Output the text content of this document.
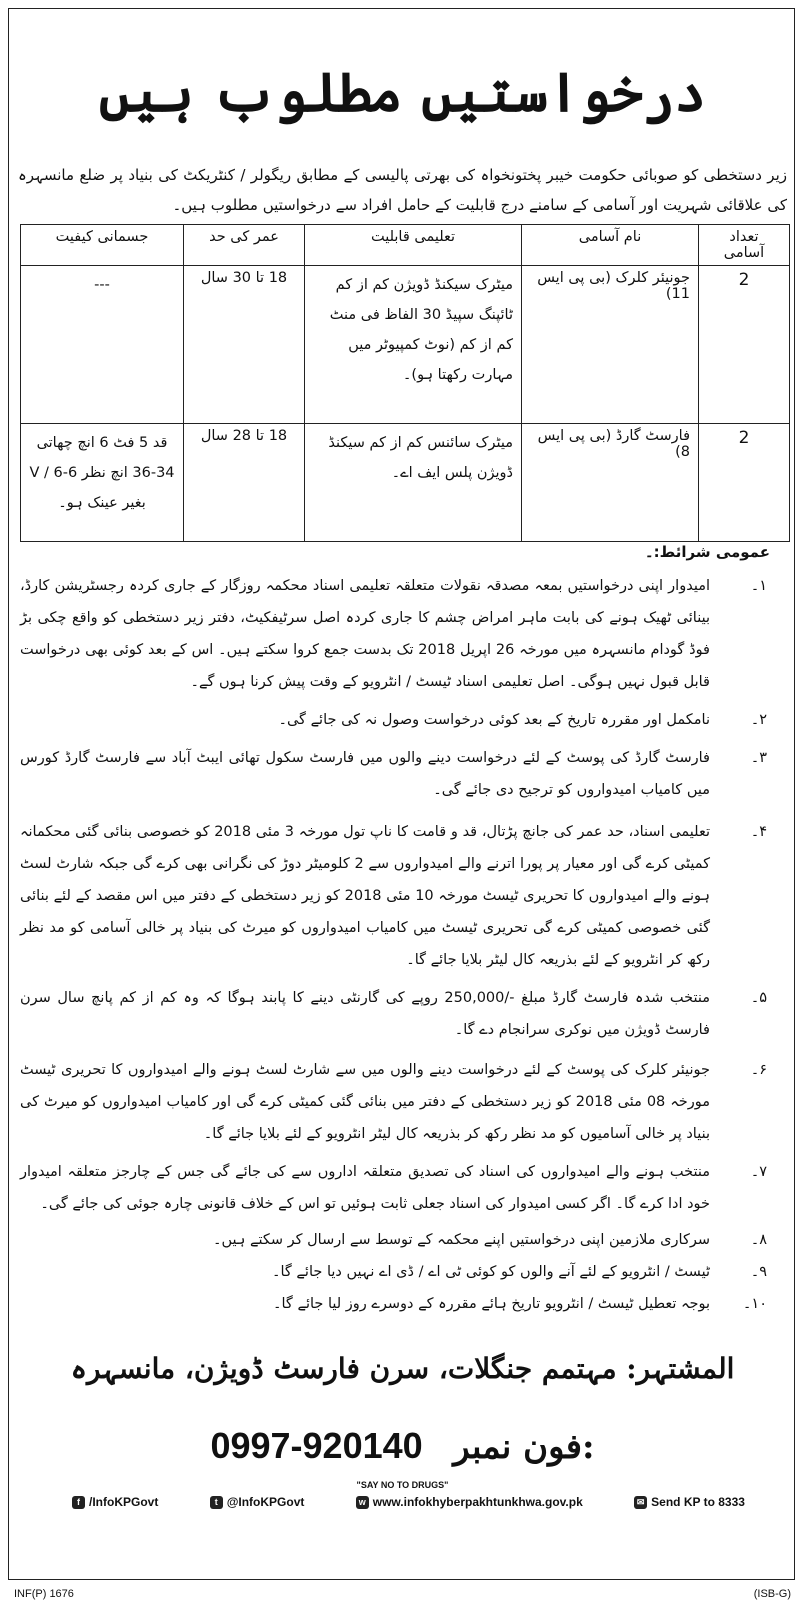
درخواستیں مطلوب ہیں
زیر دستخطی کو صوبائی حکومت خیبر پختونخواہ کی بھرتی پالیسی کے مطابق ریگولر / کنٹریکٹ کی بنیاد پر ضلع مانسہرہ کی علاقائی شہریت اور آسامی کے سامنے درج قابلیت کے حامل افراد سے درخواستیں مطلوب ہیں۔
تعداد آسامی	نام آسامی	تعلیمی قابلیت	عمر کی حد	جسمانی کیفیت
2	جونیئر کلرک (بی پی ایس 11)	میٹرک سیکنڈ ڈویژن کم از کم ٹائپنگ سپیڈ 30 الفاظ فی منٹ کم از کم (نوٹ کمپیوٹر میں مہارت رکھتا ہو)۔	18 تا 30 سال	---
2	فارسٹ گارڈ (بی پی ایس 8)	میٹرک سائنس کم از کم سیکنڈ ڈویژن پلس ایف اے۔	18 تا 28 سال	قد 5 فٹ 6 انچ چھاتی 34-36 انچ نظر 6-6 / V بغیر عینک ہو۔
عمومی شرائط:۔
۱۔
امیدوار اپنی درخواستیں بمعہ مصدقہ نقولات متعلقہ تعلیمی اسناد محکمہ روزگار کے جاری کردہ رجسٹریشن کارڈ، بینائی ٹھیک ہونے کی بابت ماہر امراض چشم کا جاری کردہ اصل سرٹیفکیٹ، دفتر زیر دستخطی کو واقع چکی بڑ فوڈ گودام مانسہرہ میں مورخہ 26 اپریل 2018 تک بدست جمع کروا سکتے ہیں۔ اس کے بعد کوئی بھی درخواست قابل قبول نہیں ہوگی۔ اصل تعلیمی اسناد ٹیسٹ / انٹرویو کے وقت پیش کرنا ہوں گے۔
۲۔
نامکمل اور مقررہ تاریخ کے بعد کوئی درخواست وصول نہ کی جائے گی۔
۳۔
فارسٹ گارڈ کی پوسٹ کے لئے درخواست دینے والوں میں فارسٹ سکول تھائی ایبٹ آباد سے فارسٹ گارڈ کورس میں کامیاب امیدواروں کو ترجیح دی جائے گی۔
۴۔
تعلیمی اسناد، حد عمر کی جانچ پڑتال، قد و قامت کا ناپ تول مورخہ 3 مئی 2018 کو خصوصی بنائی گئی محکمانہ کمیٹی کرے گی اور معیار پر پورا اترنے والے امیدواروں سے 2 کلومیٹر دوڑ کی نگرانی بھی کرے گی جبکہ شارٹ لسٹ ہونے والے امیدواروں کا تحریری ٹیسٹ مورخہ 10 مئی 2018 کو زیر دستخطی کے دفتر میں اس مقصد کے لئے بنائی گئی خصوصی کمیٹی کرے گی تحریری ٹیسٹ میں کامیاب امیدواروں کو میرٹ کی بنیاد پر خالی آسامی کو مد نظر رکھ کر انٹرویو کے لئے بذریعہ کال لیٹر بلایا جائے گا۔
۵۔
منتخب شدہ فارسٹ گارڈ مبلغ -/250,000 روپے کی گارنٹی دینے کا پابند ہوگا کہ وہ کم از کم پانچ سال سرن فارسٹ ڈویژن میں نوکری سرانجام دے گا۔
۶۔
جونیئر کلرک کی پوسٹ کے لئے درخواست دینے والوں میں سے شارٹ لسٹ ہونے والے امیدواروں کا تحریری ٹیسٹ مورخہ 08 مئی 2018 کو زیر دستخطی کے دفتر میں بنائی گئی کمیٹی کرے گی اور کامیاب امیدواروں کو میرٹ کی بنیاد پر خالی آسامیوں کو مد نظر رکھ کر بذریعہ کال لیٹر انٹرویو کے لئے بلایا جائے گا۔
۷۔
منتخب ہونے والے امیدواروں کی اسناد کی تصدیق متعلقہ اداروں سے کی جائے گی جس کے چارجز متعلقہ امیدوار خود ادا کرے گا۔ اگر کسی امیدوار کی اسناد جعلی ثابت ہوئیں تو اس کے خلاف قانونی چارہ جوئی کی جائے گی۔
۸۔
سرکاری ملازمین اپنی درخواستیں اپنے محکمہ کے توسط سے ارسال کر سکتے ہیں۔
۹۔
ٹیسٹ / انٹرویو کے لئے آنے والوں کو کوئی ٹی اے / ڈی اے نہیں دیا جائے گا۔
۱۰۔
بوجہ تعطیل ٹیسٹ / انٹرویو تاریخ ہائے مقررہ کے دوسرے روز لیا جائے گا۔
المشتہر: مہتمم جنگلات، سرن فارسٹ ڈویژن، مانسہرہ
0997-920140 فون نمبر:
"SAY NO TO DRUGS"
f /InfoKPGovt	t @InfoKPGovt	w www.infokhyberpakhtunkhwa.gov.pk	✉ Send KP to 8333
INF(P) 1676	(ISB-G)
